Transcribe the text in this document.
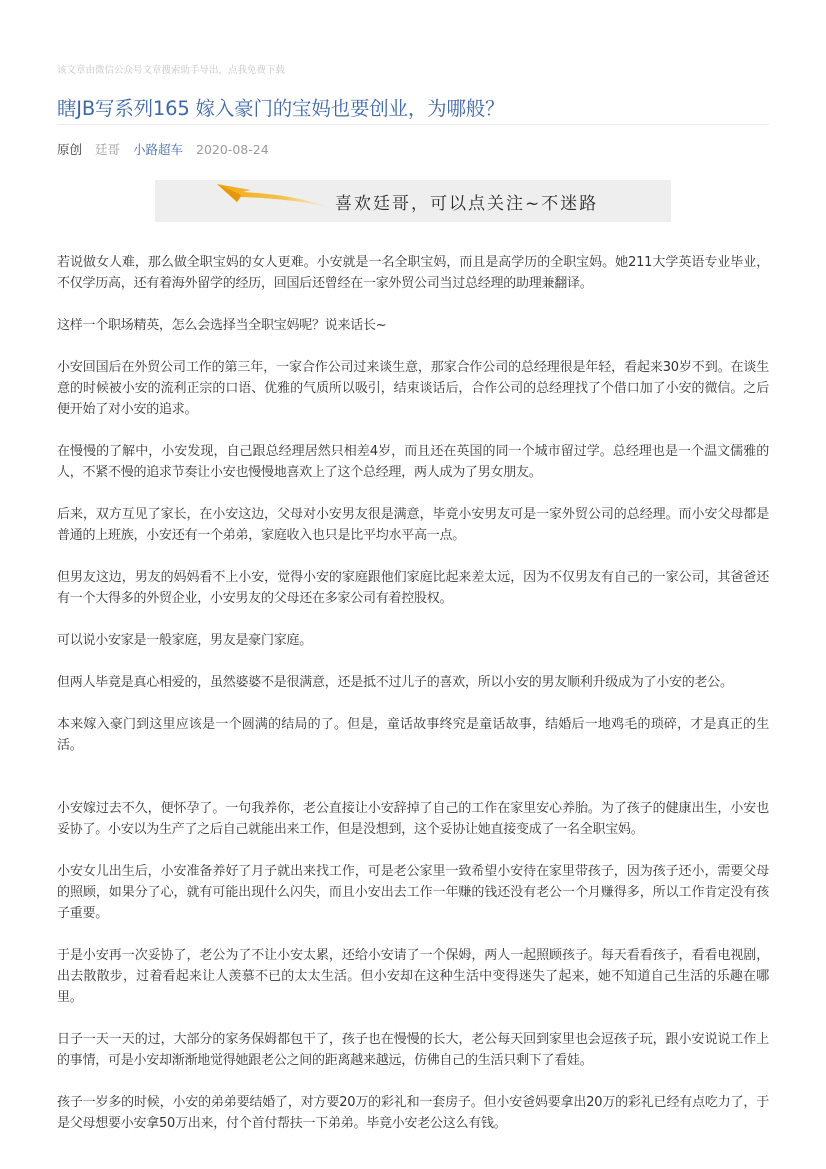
该文章由微信公众号文章搜索助手导出，点我免费下载
瞎JB写系列165 嫁入豪门的宝妈也要创业，为哪般？
原创 廷哥 小路超车 2020-08-24
喜欢廷哥，可以点关注~不迷路

若说做女人难，那么做全职宝妈的女人更难。小安就是一名全职宝妈，而且是高学历的全职宝妈。她211大学英语专业毕业，不仅学历高，还有着海外留学的经历，回国后还曾经在一家外贸公司当过总经理的助理兼翻译。

这样一个职场精英，怎么会选择当全职宝妈呢？说来话长~

小安回国后在外贸公司工作的第三年，一家合作公司过来谈生意，那家合作公司的总经理很是年轻，看起来30岁不到。在谈生意的时候被小安的流利正宗的口语、优雅的气质所以吸引，结束谈话后，合作公司的总经理找了个借口加了小安的微信。之后便开始了对小安的追求。

在慢慢的了解中，小安发现，自己跟总经理居然只相差4岁，而且还在英国的同一个城市留过学。总经理也是一个温文儒雅的人，不紧不慢的追求节奏让小安也慢慢地喜欢上了这个总经理，两人成为了男女朋友。

后来，双方互见了家长，在小安这边，父母对小安男友很是满意，毕竟小安男友可是一家外贸公司的总经理。而小安父母都是普通的上班族，小安还有一个弟弟，家庭收入也只是比平均水平高一点。

但男友这边，男友的妈妈看不上小安，觉得小安的家庭跟他们家庭比起来差太远，因为不仅男友有自己的一家公司，其爸爸还有一个大得多的外贸企业，小安男友的父母还在多家公司有着控股权。

可以说小安家是一般家庭，男友是豪门家庭。

但两人毕竟是真心相爱的，虽然婆婆不是很满意，还是抵不过儿子的喜欢，所以小安的男友顺利升级成为了小安的老公。

本来嫁入豪门到这里应该是一个圆满的结局的了。但是，童话故事终究是童话故事，结婚后一地鸡毛的琐碎，才是真正的生活。

小安嫁过去不久，便怀孕了。一句我养你，老公直接让小安辞掉了自己的工作在家里安心养胎。为了孩子的健康出生，小安也妥协了。小安以为生产了之后自己就能出来工作，但是没想到，这个妥协让她直接变成了一名全职宝妈。

小安女儿出生后，小安准备养好了月子就出来找工作，可是老公家里一致希望小安待在家里带孩子，因为孩子还小，需要父母的照顾，如果分了心，就有可能出现什么闪失，而且小安出去工作一年赚的钱还没有老公一个月赚得多，所以工作肯定没有孩子重要。

于是小安再一次妥协了，老公为了不让小安太累，还给小安请了一个保姆，两人一起照顾孩子。每天看看孩子，看看电视剧，出去散散步，过着看起来让人羡慕不已的太太生活。但小安却在这种生活中变得迷失了起来，她不知道自己生活的乐趣在哪里。

日子一天一天的过，大部分的家务保姆都包干了，孩子也在慢慢的长大，老公每天回到家里也会逗孩子玩，跟小安说说工作上的事情，可是小安却渐渐地觉得她跟老公之间的距离越来越远，仿佛自己的生活只剩下了看娃。

孩子一岁多的时候，小安的弟弟要结婚了，对方要20万的彩礼和一套房子。但小安爸妈要拿出20万的彩礼已经有点吃力了，于是父母想要小安拿50万出来，付个首付帮扶一下弟弟。毕竟小安老公这么有钱。
